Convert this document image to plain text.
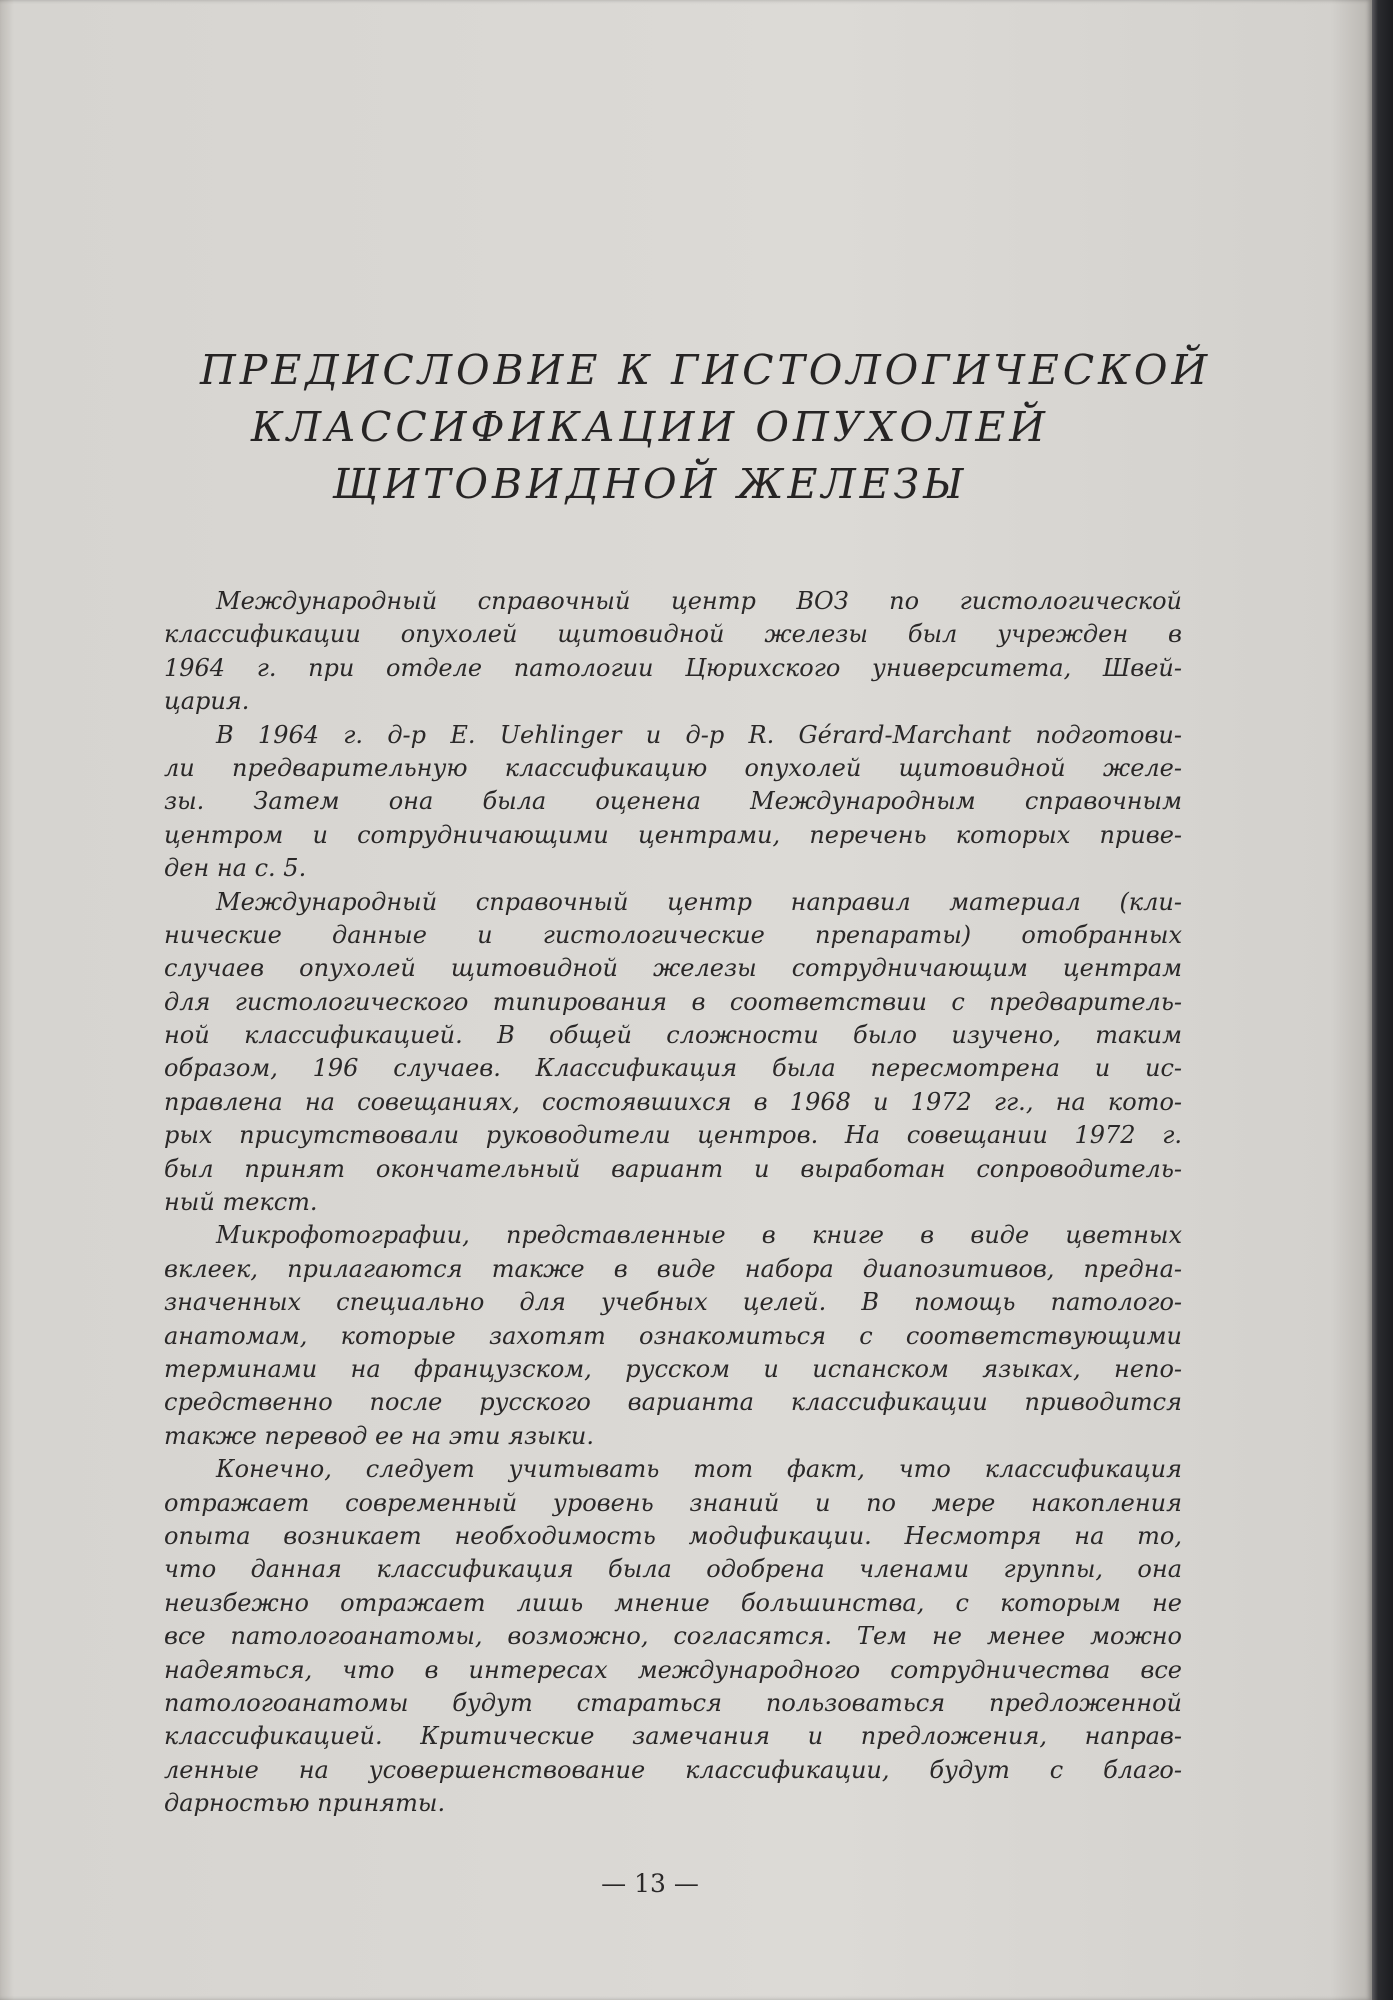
ПРЕДИСЛОВИЕ К ГИСТОЛОГИЧЕСКОЙ
КЛАССИФИКАЦИИ ОПУХОЛЕЙ
ЩИТОВИДНОЙ ЖЕЛЕЗЫ
Международный справочный центр ВОЗ по гистологической
классификации опухолей щитовидной железы был учрежден в
1964 г. при отделе патологии Цюрихского университета, Швей-
цария.
В 1964 г. д-р E. Uehlinger и д-р R. Gérard-Marchant подготови-
ли предварительную классификацию опухолей щитовидной желе-
зы. Затем она была оценена Международным справочным
центром и сотрудничающими центрами, перечень которых приве-
ден на с. 5.
Международный справочный центр направил материал (кли-
нические данные и гистологические препараты) отобранных
случаев опухолей щитовидной железы сотрудничающим центрам
для гистологического типирования в соответствии с предваритель-
ной классификацией. В общей сложности было изучено, таким
образом, 196 случаев. Классификация была пересмотрена и ис-
правлена на совещаниях, состоявшихся в 1968 и 1972 гг., на кото-
рых присутствовали руководители центров. На совещании 1972 г.
был принят окончательный вариант и выработан сопроводитель-
ный текст.
Микрофотографии, представленные в книге в виде цветных
вклеек, прилагаются также в виде набора диапозитивов, предна-
значенных специально для учебных целей. В помощь патолого-
анатомам, которые захотят ознакомиться с соответствующими
терминами на французском, русском и испанском языках, непо-
средственно после русского варианта классификации приводится
также перевод ее на эти языки.
Конечно, следует учитывать тот факт, что классификация
отражает современный уровень знаний и по мере накопления
опыта возникает необходимость модификации. Несмотря на то,
что данная классификация была одобрена членами группы, она
неизбежно отражает лишь мнение большинства, с которым не
все патологоанатомы, возможно, согласятся. Тем не менее можно
надеяться, что в интересах международного сотрудничества все
патологоанатомы будут стараться пользоваться предложенной
классификацией. Критические замечания и предложения, направ-
ленные на усовершенствование классификации, будут с благо-
дарностью приняты.
— 13 —
